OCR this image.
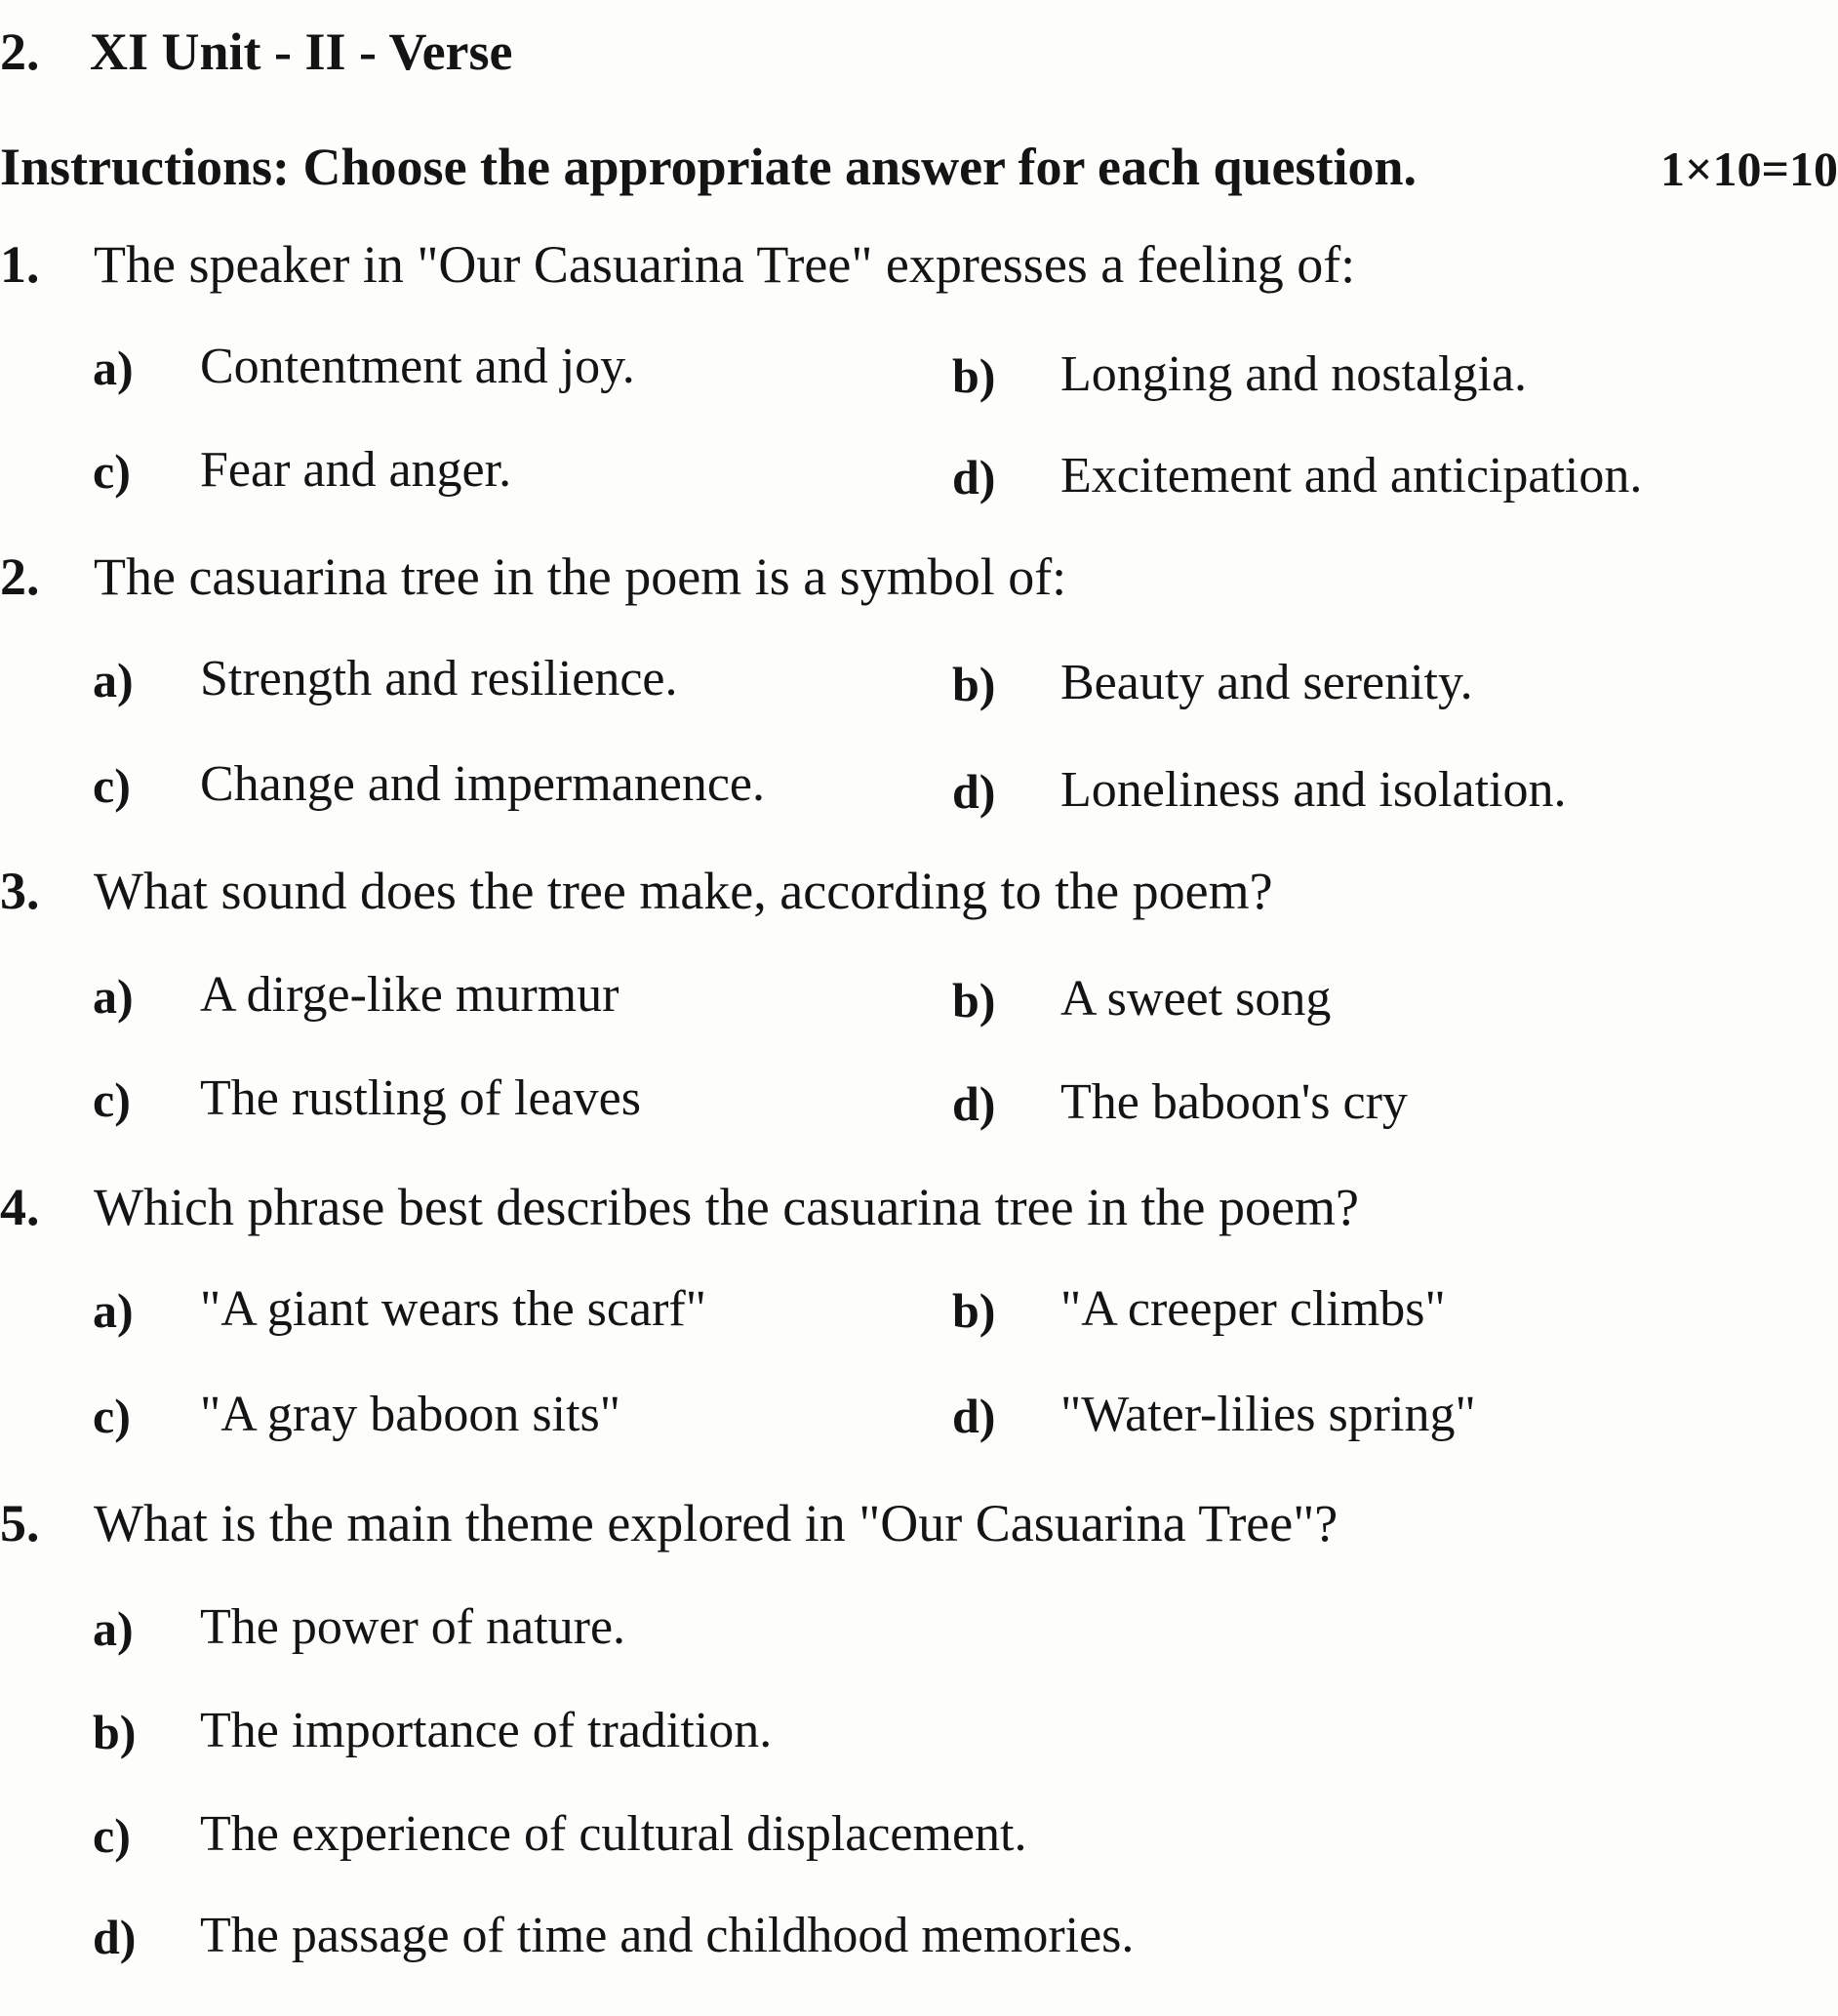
2. XI Unit - II - Verse
Instructions: Choose the appropriate answer for each question.	1×10=10
1. The speaker in "Our Casuarina Tree" expresses a feeling of:
a) Contentment and joy.	b) Longing and nostalgia.
c) Fear and anger.	d) Excitement and anticipation.
2. The casuarina tree in the poem is a symbol of:
a) Strength and resilience.	b) Beauty and serenity.
c) Change and impermanence.	d) Loneliness and isolation.
3. What sound does the tree make, according to the poem?
a) A dirge-like murmur	b) A sweet song
c) The rustling of leaves	d) The baboon's cry
4. Which phrase best describes the casuarina tree in the poem?
a) "A giant wears the scarf"	b) "A creeper climbs"
c) "A gray baboon sits"	d) "Water-lilies spring"
5. What is the main theme explored in "Our Casuarina Tree"?
a) The power of nature.
b) The importance of tradition.
c) The experience of cultural displacement.
d) The passage of time and childhood memories.
